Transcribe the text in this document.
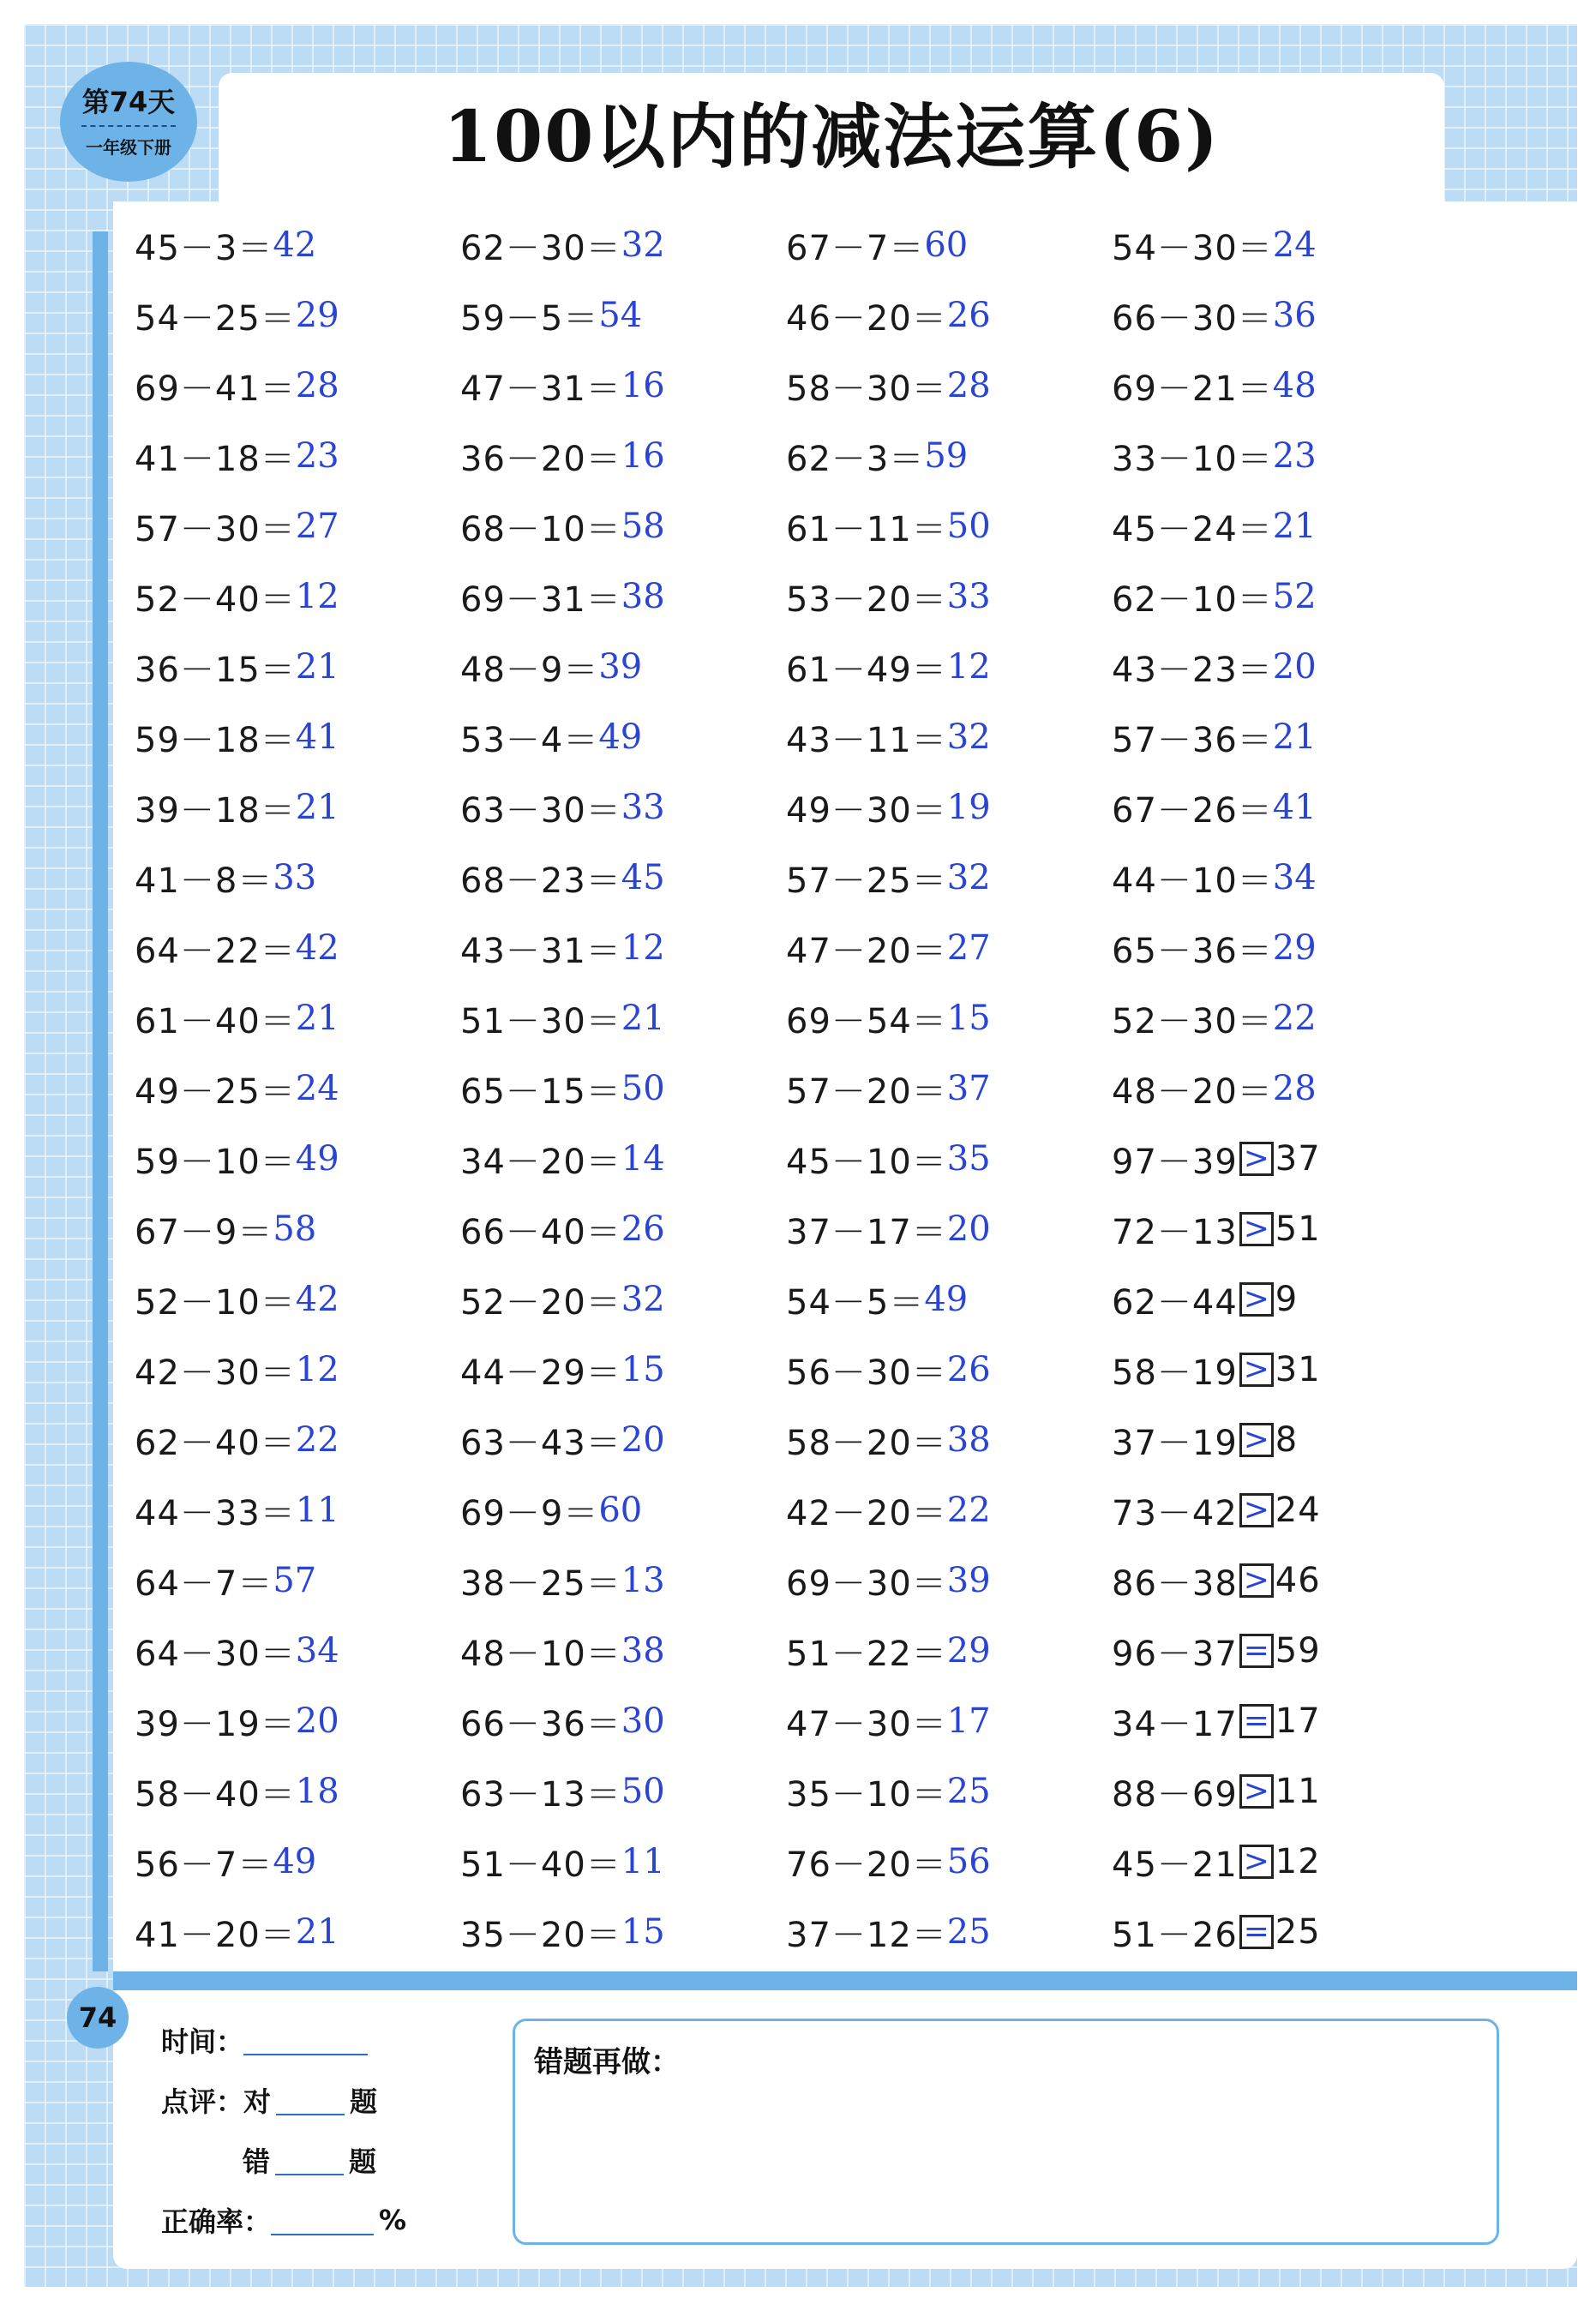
100以内的减法运算(6)
第74天
一年级下册
45－3＝ 42	62－30＝ 32	67－7＝ 60	54－30＝ 24
54－25＝ 29	59－5＝ 54	46－20＝ 26	66－30＝ 36
69－41＝ 28	47－31＝ 16	58－30＝ 28	69－21＝ 48
41－18＝ 23	36－20＝ 16	62－3＝ 59	33－10＝ 23
57－30＝ 27	68－10＝ 58	61－11＝ 50	45－24＝ 21
52－40＝ 12	69－31＝ 38	53－20＝ 33	62－10＝ 52
36－15＝ 21	48－9＝ 39	61－49＝ 12	43－23＝ 20
59－18＝ 41	53－4＝ 49	43－11＝ 32	57－36＝ 21
39－18＝ 21	63－30＝ 33	49－30＝ 19	67－26＝ 41
41－8＝ 33	68－23＝ 45	57－25＝ 32	44－10＝ 34
64－22＝ 42	43－31＝ 12	47－20＝ 27	65－36＝ 29
61－40＝ 21	51－30＝ 21	69－54＝ 15	52－30＝ 22
49－25＝ 24	65－15＝ 50	57－20＝ 37	48－20＝ 28
59－10＝ 49	34－20＝ 14	45－10＝ 35	97－39 > 37
67－9＝ 58	66－40＝ 26	37－17＝ 20	72－13 > 51
52－10＝ 42	52－20＝ 32	54－5＝ 49	62－44 > 9
42－30＝ 12	44－29＝ 15	56－30＝ 26	58－19 > 31
62－40＝ 22	63－43＝ 20	58－20＝ 38	37－19 > 8
44－33＝ 11	69－9＝ 60	42－20＝ 22	73－42 > 24
64－7＝ 57	38－25＝ 13	69－30＝ 39	86－38 > 46
64－30＝ 34	48－10＝ 38	51－22＝ 29	96－37 = 59
39－19＝ 20	66－36＝ 30	47－30＝ 17	34－17 = 17
58－40＝ 18	63－13＝ 50	35－10＝ 25	88－69 > 11
56－7＝ 49	51－40＝ 11	76－20＝ 56	45－21 > 12
41－20＝ 21	35－20＝ 15	37－12＝ 25	51－26 = 25
74
时间：
点评：对	题
错	题
正确率：	%
错题再做：
